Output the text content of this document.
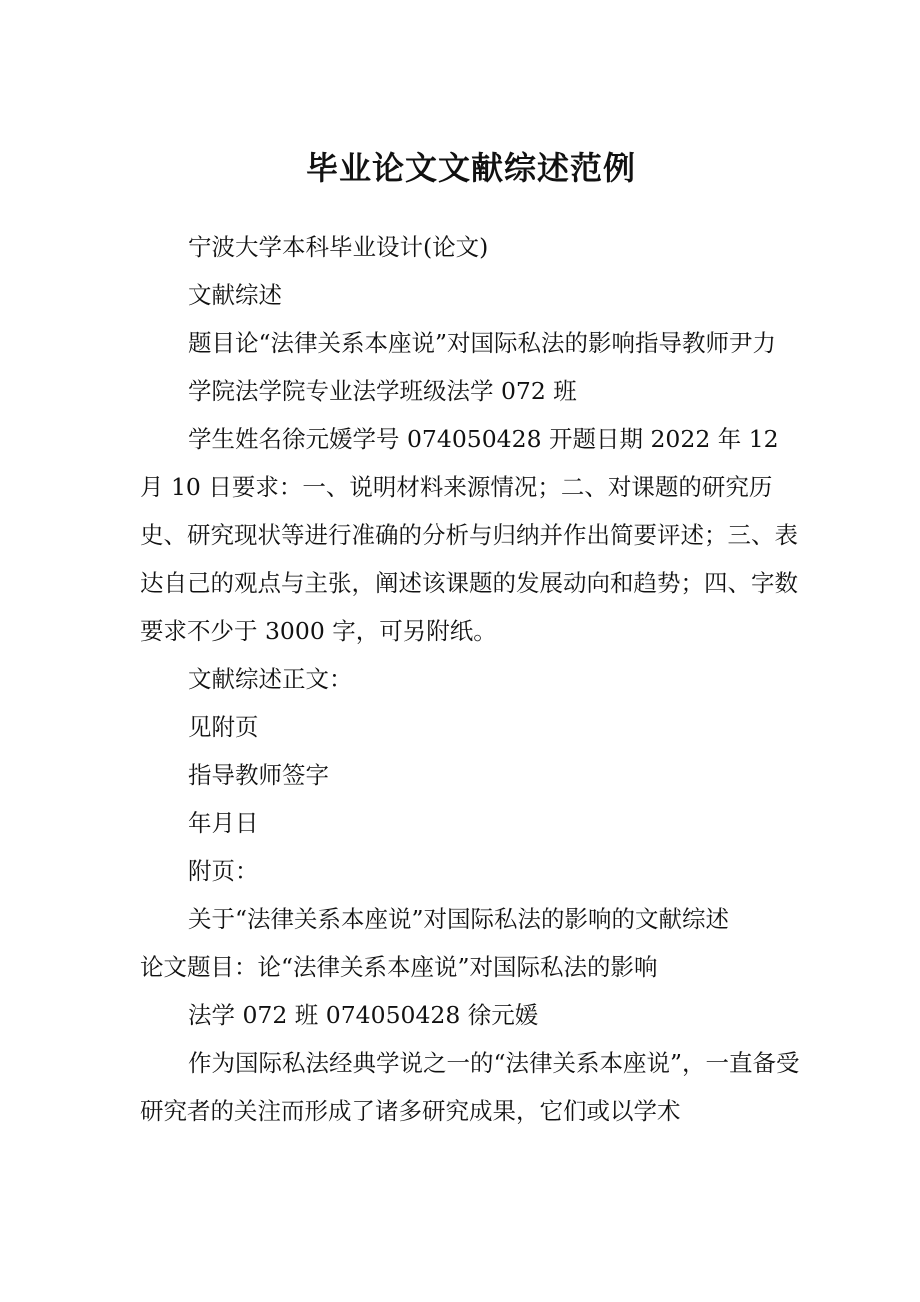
毕业论文文献综述范例

宁波大学本科毕业设计(论文)

文献综述

题目论“法律关系本座说”对国际私法的影响指导教师尹力

学院法学院专业法学班级法学 072 班

学生姓名徐元媛学号 074050428 开题日期 2022 年 12 月 10 日要求：一、说明材料来源情况；二、对课题的研究历史、研究现状等进行准确的分析与归纳并作出简要评述；三、表达自己的观点与主张，阐述该课题的发展动向和趋势；四、字数要求不少于 3000 字，可另附纸。

文献综述正文：

见附页

指导教师签字

年月日

附页：

关于“法律关系本座说”对国际私法的影响的文献综述

论文题目：论“法律关系本座说”对国际私法的影响

法学 072 班 074050428 徐元媛

作为国际私法经典学说之一的“法律关系本座说”，一直备受研究者的关注而形成了诸多研究成果，它们或以学术
